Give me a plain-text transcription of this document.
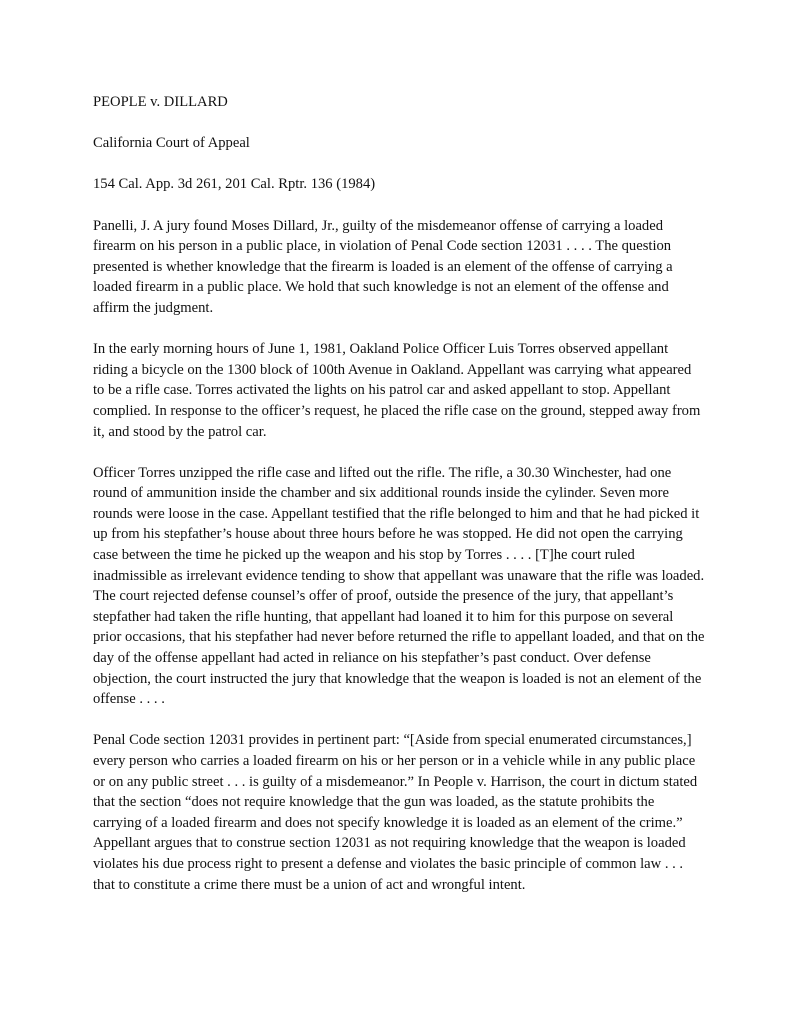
PEOPLE v. DILLARD

California Court of Appeal

154 Cal. App. 3d 261, 201 Cal. Rptr. 136 (1984)

Panelli, J. A jury found Moses Dillard, Jr., guilty of the misdemeanor offense of carrying a loaded firearm on his person in a public place, in violation of Penal Code section 12031 . . . . The question presented is whether knowledge that the firearm is loaded is an element of the offense of carrying a loaded firearm in a public place. We hold that such knowledge is not an element of the offense and affirm the judgment.

In the early morning hours of June 1, 1981, Oakland Police Officer Luis Torres observed appellant riding a bicycle on the 1300 block of 100th Avenue in Oakland. Appellant was carrying what appeared to be a rifle case. Torres activated the lights on his patrol car and asked appellant to stop. Appellant complied. In response to the officer’s request, he placed the rifle case on the ground, stepped away from it, and stood by the patrol car.

Officer Torres unzipped the rifle case and lifted out the rifle. The rifle, a 30.30 Winchester, had one round of ammunition inside the chamber and six additional rounds inside the cylinder. Seven more rounds were loose in the case. Appellant testified that the rifle belonged to him and that he had picked it up from his stepfather’s house about three hours before he was stopped. He did not open the carrying case between the time he picked up the weapon and his stop by Torres . . . . [T]he court ruled inadmissible as irrelevant evidence tending to show that appellant was unaware that the rifle was loaded. The court rejected defense counsel’s offer of proof, outside the presence of the jury, that appellant’s stepfather had taken the rifle hunting, that appellant had loaned it to him for this purpose on several prior occasions, that his stepfather had never before returned the rifle to appellant loaded, and that on the day of the offense appellant had acted in reliance on his stepfather’s past conduct. Over defense objection, the court instructed the jury that knowledge that the weapon is loaded is not an element of the offense . . . .

Penal Code section 12031 provides in pertinent part: “[Aside from special enumerated circumstances,] every person who carries a loaded firearm on his or her person or in a vehicle while in any public place or on any public street . . . is guilty of a misdemeanor.” In People v. Harrison, the court in dictum stated that the section “does not require knowledge that the gun was loaded, as the statute prohibits the carrying of a loaded firearm and does not specify knowledge it is loaded as an element of the crime.” Appellant argues that to construe section 12031 as not requiring knowledge that the weapon is loaded violates his due process right to present a defense and violates the basic principle of common law . . . that to constitute a crime there must be a union of act and wrongful intent.
